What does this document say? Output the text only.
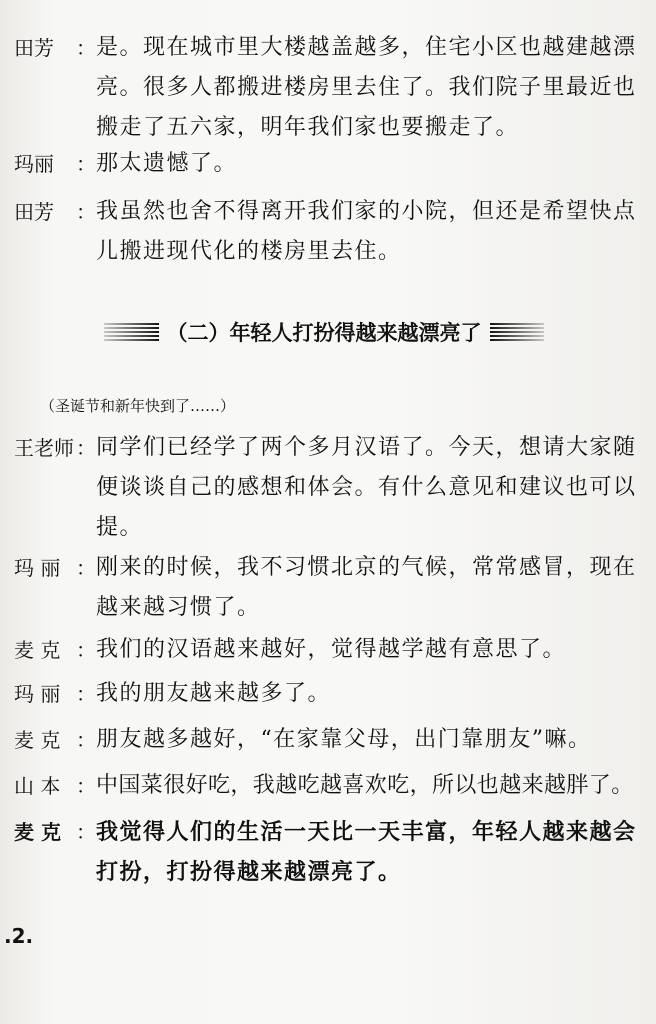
田芳	： 是。现在城市里大楼越盖越多，住宅小区也越建越漂亮。很多人都搬进楼房里去住了。我们院子里最近也搬走了五六家，明年我们家也要搬走了。
玛丽	： 那太遗憾了。
田芳	： 我虽然也舍不得离开我们家的小院，但还是希望快点儿搬进现代化的楼房里去住。
（二）年轻人打扮得越来越漂亮了
（圣诞节和新年快到了……）
王老师 ： 同学们已经学了两个多月汉语了。今天，想请大家随便谈谈自己的感想和体会。有什么意见和建议也可以提。
玛 丽 ： 刚来的时候，我不习惯北京的气候，常常感冒，现在越来越习惯了。
麦 克 ： 我们的汉语越来越好，觉得越学越有意思了。
玛 丽 ： 我的朋友越来越多了。
麦 克 ： 朋友越多越好，“在家靠父母，出门靠朋友”嘛。
山 本 ： 中国菜很好吃，我越吃越喜欢吃，所以也越来越胖了。
麦 克 ： 我觉得人们的生活一天比一天丰富，年轻人越来越会打扮，打扮得越来越漂亮了。
.2.
